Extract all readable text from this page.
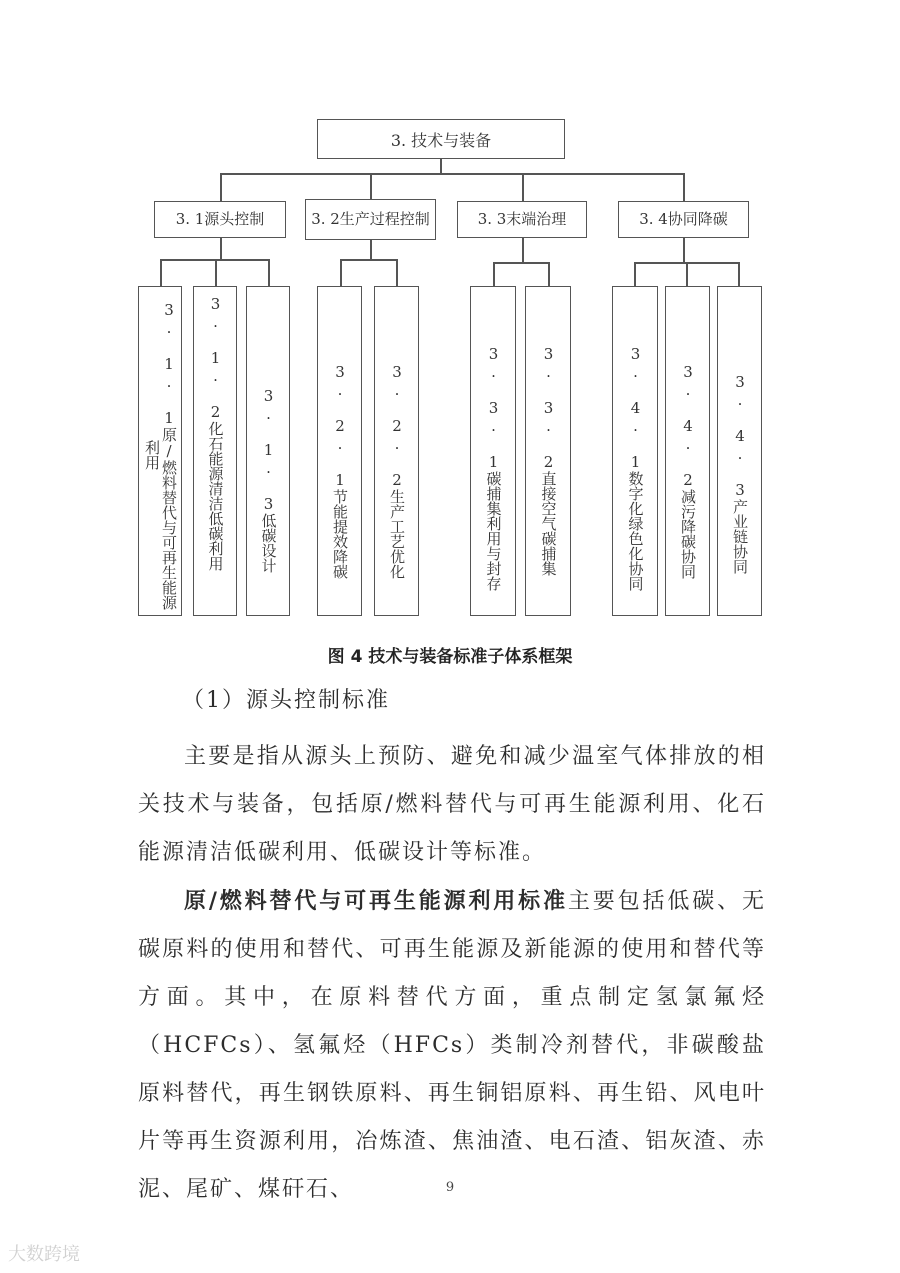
3. 技术与装备
3. 1源头控制	3. 2生产过程控制	3. 3末端治理	3. 4协同降碳
3. 1. 1原/燃料替代与可再生能源利用	3. 1. 2化石能源清洁低碳利用	3. 1. 3低碳设计	3. 2. 1节能提效降碳	3. 2. 2生产工艺优化	3. 3. 1碳捕集利用与封存	3. 3. 2直接空气碳捕集	3. 4. 1数字化绿色化协同	3. 4. 2减污降碳协同	3. 4. 3产业链协同
图 4 技术与装备标准子体系框架
（1）源头控制标准
主要是指从源头上预防、避免和减少温室气体排放的相关技术与装备，包括原/燃料替代与可再生能源利用、化石能源清洁低碳利用、低碳设计等标准。
原/燃料替代与可再生能源利用标准主要包括低碳、无碳原料的使用和替代、可再生能源及新能源的使用和替代等方面。其中，在原料替代方面，重点制定氢氯氟烃（HCFCs）、氢氟烃（HFCs）类制冷剂替代，非碳酸盐原料替代，再生钢铁原料、再生铜铝原料、再生铅、风电叶片等再生资源利用，冶炼渣、焦油渣、电石渣、铝灰渣、赤泥、尾矿、煤矸石、	9
大数跨境
